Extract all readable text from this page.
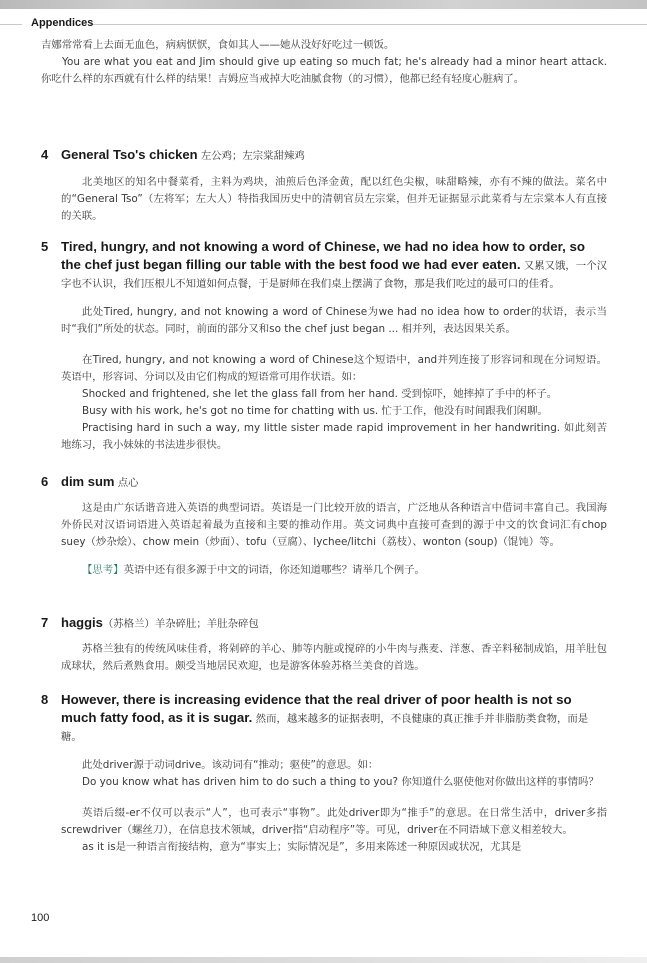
Appendices

吉娜常常看上去面无血色，病病恹恹，食如其人——她从没好好吃过一顿饭。

You are what you eat and Jim should give up eating so much fat; he's already had a minor heart attack. 你吃什么样的东西就有什么样的结果！吉姆应当戒掉大吃油腻食物（的习惯），他都已经有轻度心脏病了。

4 General Tso's chicken 左公鸡；左宗棠甜辣鸡

北美地区的知名中餐菜肴，主料为鸡块，油煎后色泽金黄，配以红色尖椒，味甜略辣，亦有不辣的做法。菜名中的“General Tso”（左将军；左大人）特指我国历史中的清朝官员左宗棠，但并无证据显示此菜肴与左宗棠本人有直接的关联。

5 Tired, hungry, and not knowing a word of Chinese, we had no idea how to order, so the chef just began filling our table with the best food we had ever eaten. 又累又饿，一个汉字也不认识，我们压根儿不知道如何点餐，于是厨师在我们桌上摆满了食物，那是我们吃过的最可口的佳肴。

此处Tired, hungry, and not knowing a word of Chinese为we had no idea how to order的状语，表示当时“我们”所处的状态。同时，前面的部分又和so the chef just began ... 相并列，表达因果关系。

在Tired, hungry, and not knowing a word of Chinese这个短语中，and并列连接了形容词和现在分词短语。英语中，形容词、分词以及由它们构成的短语常可用作状语。如：

Shocked and frightened, she let the glass fall from her hand. 受到惊吓，她摔掉了手中的杯子。

Busy with his work, he's got no time for chatting with us. 忙于工作，他没有时间跟我们闲聊。

Practising hard in such a way, my little sister made rapid improvement in her handwriting. 如此刻苦地练习，我小妹妹的书法进步很快。

6 dim sum 点心

这是由广东话谐音进入英语的典型词语。英语是一门比较开放的语言，广泛地从各种语言中借词丰富自己。我国海外侨民对汉语词语进入英语起着最为直接和主要的推动作用。英文词典中直接可查到的源于中文的饮食词汇有chop suey（炒杂烩）、chow mein（炒面）、tofu（豆腐）、lychee/litchi（荔枝）、wonton (soup)（馄饨）等。

【思考】英语中还有很多源于中文的词语，你还知道哪些？请举几个例子。

7 haggis（苏格兰）羊杂碎肚；羊肚杂碎包

苏格兰独有的传统风味佳肴，将剁碎的羊心、肺等内脏或搅碎的小牛肉与燕麦、洋葱、香辛料秘制成馅，用羊肚包成球状，然后煮熟食用。颇受当地居民欢迎，也是游客体验苏格兰美食的首选。

8 However, there is increasing evidence that the real driver of poor health is not so much fatty food, as it is sugar. 然而，越来越多的证据表明，不良健康的真正推手并非脂肪类食物，而是糖。

此处driver源于动词drive。该动词有“推动；驱使”的意思。如：

Do you know what has driven him to do such a thing to you? 你知道什么驱使他对你做出这样的事情吗？

英语后缀-er不仅可以表示“人”，也可表示“事物”。此处driver即为“推手”的意思。在日常生活中，driver多指screwdriver（螺丝刀），在信息技术领域，driver指“启动程序”等。可见，driver在不同语域下意义相差较大。

as it is是一种语言衔接结构，意为“事实上；实际情况是”，多用来陈述一种原因或状况，尤其是

100
